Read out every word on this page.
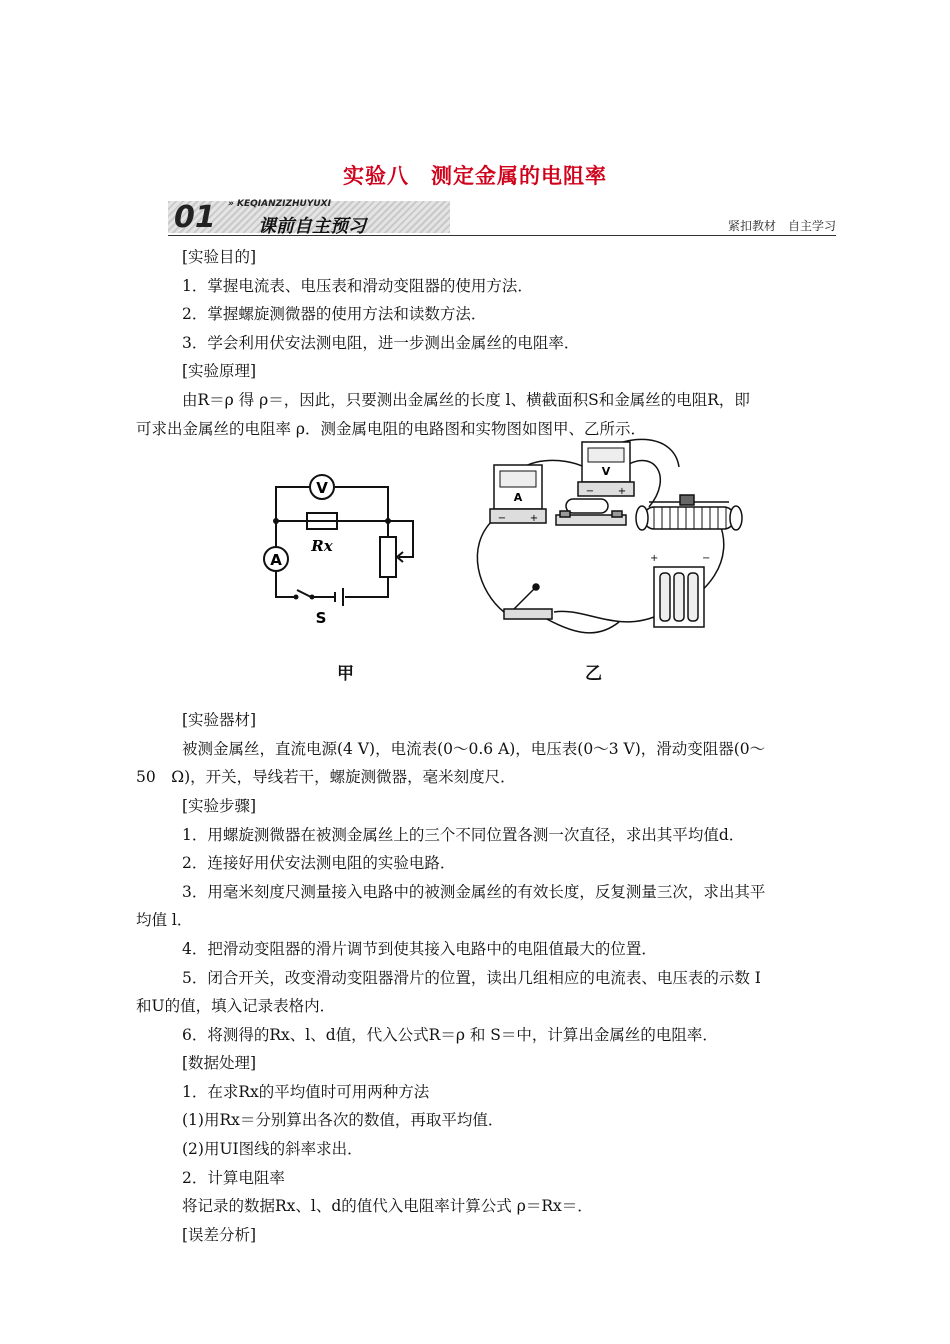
实验八　测定金属的电阻率
01 » KEQIANZIZHUYUXI
课前自主预习	紧扣教材　自主学习
[实验目的]
1．掌握电流表、电压表和滑动变阻器的使用方法．
2．掌握螺旋测微器的使用方法和读数方法．
3．学会利用伏安法测电阻，进一步测出金属丝的电阻率．
[实验原理]
由R＝ρ 得 ρ＝，因此，只要测出金属丝的长度 l、横截面积S和金属丝的电阻R，即
可求出金属丝的电阻率 ρ．测金属电阻的电路图和实物图如图甲、乙所示．
V
A
Rx
S
A
− +
V
− +
+	−
甲	乙
[实验器材]
被测金属丝，直流电源(4 V)，电流表(0～0.6 A)，电压表(0～3 V)，滑动变阻器(0～
50　Ω)，开关，导线若干，螺旋测微器，毫米刻度尺．
[实验步骤]
1．用螺旋测微器在被测金属丝上的三个不同位置各测一次直径，求出其平均值d．
2．连接好用伏安法测电阻的实验电路．
3．用毫米刻度尺测量接入电路中的被测金属丝的有效长度，反复测量三次，求出其平
均值 l．
4．把滑动变阻器的滑片调节到使其接入电路中的电阻值最大的位置．
5．闭合开关，改变滑动变阻器滑片的位置，读出几组相应的电流表、电压表的示数 I
和U的值，填入记录表格内．
6．将测得的Rx、l、d值，代入公式R＝ρ 和 S＝中，计算出金属丝的电阻率．
[数据处理]
1．在求Rx的平均值时可用两种方法
(1)用Rx＝分别算出各次的数值，再取平均值．
(2)用UI图线的斜率求出．
2．计算电阻率
将记录的数据Rx、l、d的值代入电阻率计算公式 ρ＝Rx＝．
[误差分析]
